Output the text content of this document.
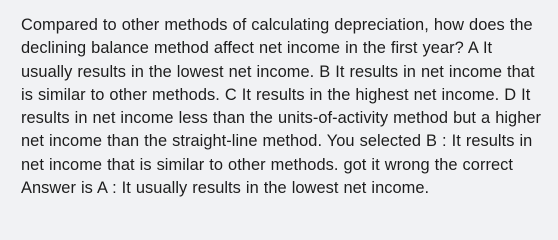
Compared to other methods of calculating depreciation, how does the declining balance method affect net income in the first year? A It usually results in the lowest net income. B It results in net income that is similar to other methods. C It results in the highest net income. D It results in net income less than the units-of-activity method but a higher net income than the straight-line method. You selected B : It results in net income that is similar to other methods. got it wrong the correct Answer is A : It usually results in the lowest net income.
